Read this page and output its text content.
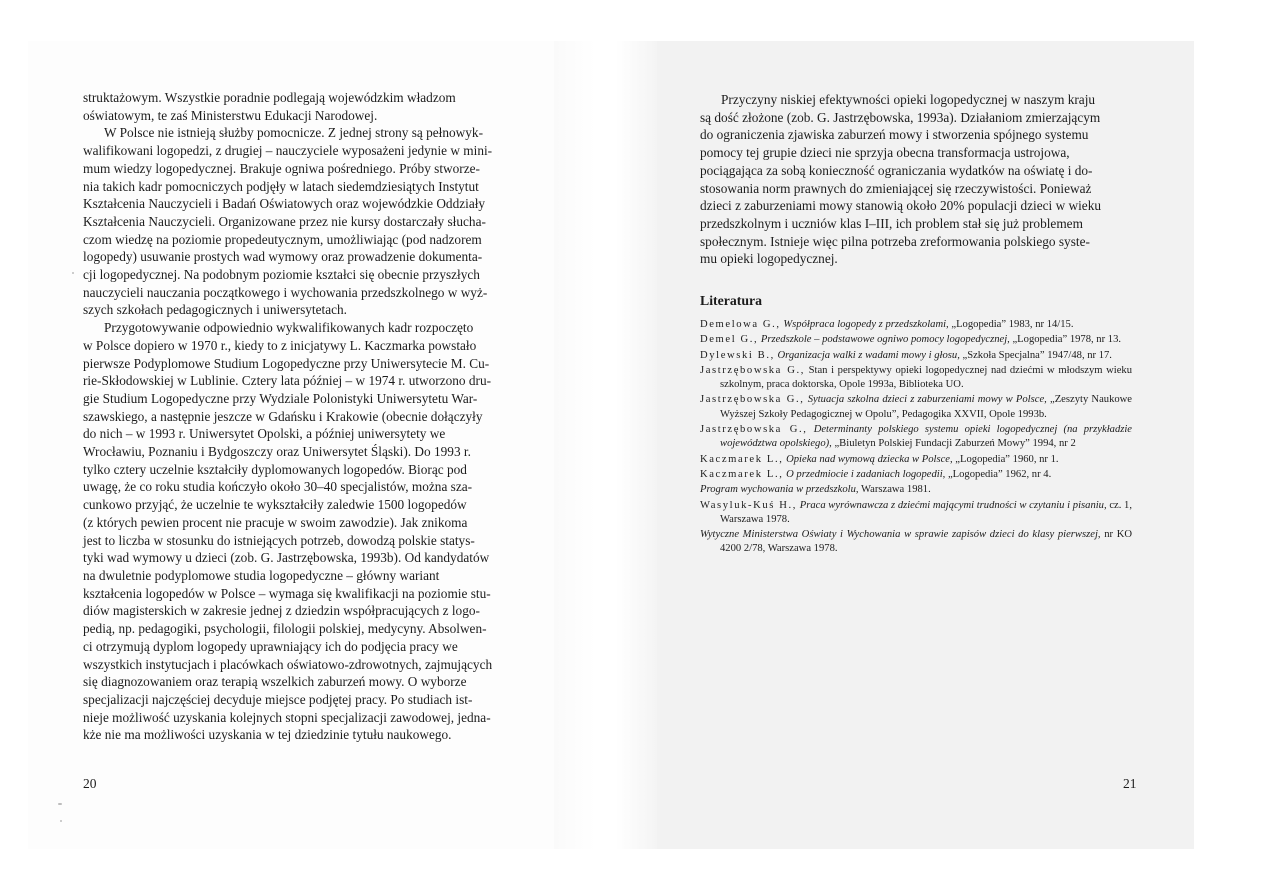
struktażowym. Wszystkie poradnie podlegają wojewódzkim władzom
oświatowym, te zaś Ministerstwu Edukacji Narodowej.

W Polsce nie istnieją służby pomocnicze. Z jednej strony są pełnowyk-
walifikowani logopedzi, z drugiej – nauczyciele wyposażeni jedynie w mini-
mum wiedzy logopedycznej. Brakuje ogniwa pośredniego. Próby stworze-
nia takich kadr pomocniczych podjęły w latach siedemdziesiątych Instytut
Kształcenia Nauczycieli i Badań Oświatowych oraz wojewódzkie Oddziały
Kształcenia Nauczycieli. Organizowane przez nie kursy dostarczały słucha-
czom wiedzę na poziomie propedeutycznym, umożliwiając (pod nadzorem
logopedy) usuwanie prostych wad wymowy oraz prowadzenie dokumenta-
cji logopedycznej. Na podobnym poziomie kształci się obecnie przyszłych
nauczycieli nauczania początkowego i wychowania przedszkolnego w wyż-
szych szkołach pedagogicznych i uniwersytetach.

Przygotowywanie odpowiednio wykwalifikowanych kadr rozpoczęto
w Polsce dopiero w 1970 r., kiedy to z inicjatywy L. Kaczmarka powstało
pierwsze Podyplomowe Studium Logopedyczne przy Uniwersytecie M. Cu-
rie-Skłodowskiej w Lublinie. Cztery lata później – w 1974 r. utworzono dru-
gie Studium Logopedyczne przy Wydziale Polonistyki Uniwersytetu War-
szawskiego, a następnie jeszcze w Gdańsku i Krakowie (obecnie dołączyły
do nich – w 1993 r. Uniwersytet Opolski, a później uniwersytety we
Wrocławiu, Poznaniu i Bydgoszczy oraz Uniwersytet Śląski). Do 1993 r.
tylko cztery uczelnie kształciły dyplomowanych logopedów. Biorąc pod
uwagę, że co roku studia kończyło około 30–40 specjalistów, można sza-
cunkowo przyjąć, że uczelnie te wykształciły zaledwie 1500 logopedów
(z których pewien procent nie pracuje w swoim zawodzie). Jak znikoma
jest to liczba w stosunku do istniejących potrzeb, dowodzą polskie statys-
tyki wad wymowy u dzieci (zob. G. Jastrzębowska, 1993b). Od kandydatów
na dwuletnie podyplomowe studia logopedyczne – główny wariant
kształcenia logopedów w Polsce – wymaga się kwalifikacji na poziomie stu-
diów magisterskich w zakresie jednej z dziedzin współpracujących z logo-
pedią, np. pedagogiki, psychologii, filologii polskiej, medycyny. Absolwen-
ci otrzymują dyplom logopedy uprawniający ich do podjęcia pracy we
wszystkich instytucjach i placówkach oświatowo-zdrowotnych, zajmujących
się diagnozowaniem oraz terapią wszelkich zaburzeń mowy. O wyborze
specjalizacji najczęściej decyduje miejsce podjętej pracy. Po studiach ist-
nieje możliwość uzyskania kolejnych stopni specjalizacji zawodowej, jedna-
kże nie ma możliwości uzyskania w tej dziedzinie tytułu naukowego.

20

Przyczyny niskiej efektywności opieki logopedycznej w naszym kraju
są dość złożone (zob. G. Jastrzębowska, 1993a). Działaniom zmierzającym
do ograniczenia zjawiska zaburzeń mowy i stworzenia spójnego systemu
pomocy tej grupie dzieci nie sprzyja obecna transformacja ustrojowa,
pociągająca za sobą konieczność ograniczania wydatków na oświatę i do-
stosowania norm prawnych do zmieniającej się rzeczywistości. Ponieważ
dzieci z zaburzeniami mowy stanowią około 20% populacji dzieci w wieku
przedszkolnym i uczniów klas I–III, ich problem stał się już problemem
społecznym. Istnieje więc pilna potrzeba zreformowania polskiego syste-
mu opieki logopedycznej.

Literatura

Demelowa G., Współpraca logopedy z przedszkolami, „Logopedia” 1983, nr 14/15.

Demel G., Przedszkole – podstawowe ogniwo pomocy logopedycznej, „Logopedia” 1978, nr 13.

Dylewski B., Organizacja walki z wadami mowy i głosu, „Szkoła Specjalna” 1947/48, nr 17.

Jastrzębowska G., Stan i perspektywy opieki logopedycznej nad dziećmi w młodszym wieku szkolnym, praca doktorska, Opole 1993a, Biblioteka UO.

Jastrzębowska G., Sytuacja szkolna dzieci z zaburzeniami mowy w Polsce, „Zeszyty Naukowe Wyższej Szkoły Pedagogicznej w Opolu”, Pedagogika XXVII, Opole 1993b.

Jastrzębowska G., Determinanty polskiego systemu opieki logopedycznej (na przykładzie województwa opolskiego), „Biuletyn Polskiej Fundacji Zaburzeń Mowy” 1994, nr 2

Kaczmarek L., Opieka nad wymową dziecka w Polsce, „Logopedia” 1960, nr 1.

Kaczmarek L., O przedmiocie i zadaniach logopedii, „Logopedia” 1962, nr 4.

Program wychowania w przedszkolu, Warszawa 1981.

Wasyluk-Kuś H., Praca wyrównawcza z dziećmi mającymi trudności w czytaniu i pisaniu, cz. 1, Warszawa 1978.

Wytyczne Ministerstwa Oświaty i Wychowania w sprawie zapisów dzieci do klasy pierwszej, nr KO 4200 2/78, Warszawa 1978.

21
